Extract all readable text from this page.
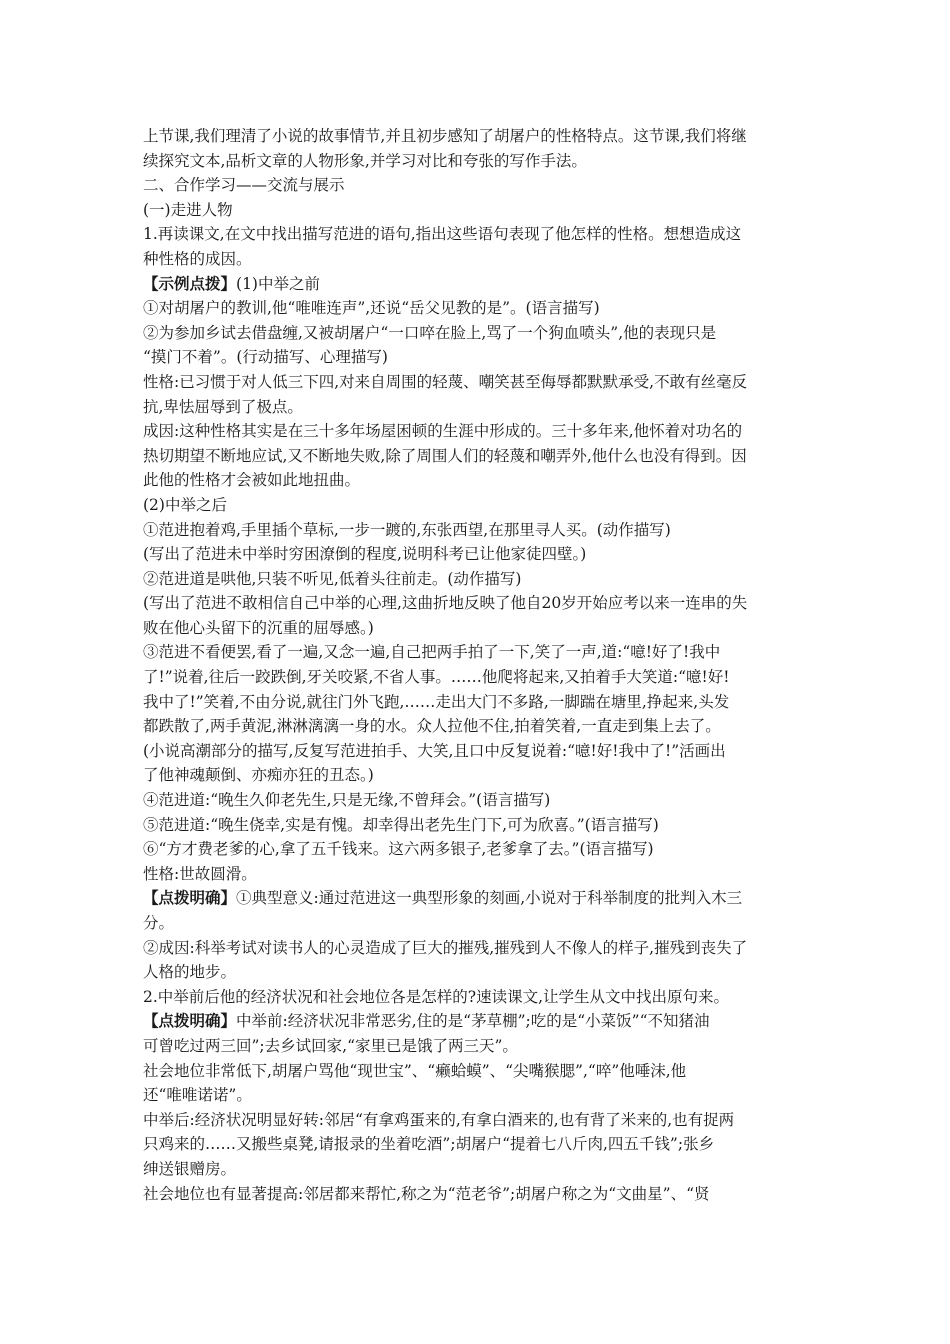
上节课,我们理清了小说的故事情节,并且初步感知了胡屠户的性格特点。这节课,我们将继
续探究文本,品析文章的人物形象,并学习对比和夸张的写作手法。
二、合作学习——交流与展示
(一)走进人物
1.再读课文,在文中找出描写范进的语句,指出这些语句表现了他怎样的性格。想想造成这
种性格的成因。
【示例点拨】(1)中举之前
①对胡屠户的教训,他“唯唯连声”,还说“岳父见教的是”。(语言描写)
②为参加乡试去借盘缠,又被胡屠户“一口啐在脸上,骂了一个狗血喷头”,他的表现只是
“摸门不着”。(行动描写、心理描写)
性格:已习惯于对人低三下四,对来自周围的轻蔑、嘲笑甚至侮辱都默默承受,不敢有丝毫反
抗,卑怯屈辱到了极点。
成因:这种性格其实是在三十多年场屋困顿的生涯中形成的。三十多年来,他怀着对功名的
热切期望不断地应试,又不断地失败,除了周围人们的轻蔑和嘲弄外,他什么也没有得到。因
此他的性格才会被如此地扭曲。
(2)中举之后
①范进抱着鸡,手里插个草标,一步一踱的,东张西望,在那里寻人买。(动作描写)
(写出了范进未中举时穷困潦倒的程度,说明科考已让他家徒四壁。)
②范进道是哄他,只装不听见,低着头往前走。(动作描写)
(写出了范进不敢相信自己中举的心理,这曲折地反映了他自20岁开始应考以来一连串的失
败在他心头留下的沉重的屈辱感。)
③范进不看便罢,看了一遍,又念一遍,自己把两手拍了一下,笑了一声,道:“噫!好了!我中
了!”说着,往后一跤跌倒,牙关咬紧,不省人事。……他爬将起来,又拍着手大笑道:“噫!好!
我中了!”笑着,不由分说,就往门外飞跑,……走出大门不多路,一脚踹在塘里,挣起来,头发
都跌散了,两手黄泥,淋淋漓漓一身的水。众人拉他不住,拍着笑着,一直走到集上去了。
(小说高潮部分的描写,反复写范进拍手、大笑,且口中反复说着:“噫!好!我中了!”活画出
了他神魂颠倒、亦痴亦狂的丑态。)
④范进道:“晚生久仰老先生,只是无缘,不曾拜会。”(语言描写)
⑤范进道:“晚生侥幸,实是有愧。却幸得出老先生门下,可为欣喜。”(语言描写)
⑥“方才费老爹的心,拿了五千钱来。这六两多银子,老爹拿了去。”(语言描写)
性格:世故圆滑。
【点拨明确】①典型意义:通过范进这一典型形象的刻画,小说对于科举制度的批判入木三
分。
②成因:科举考试对读书人的心灵造成了巨大的摧残,摧残到人不像人的样子,摧残到丧失了
人格的地步。
2.中举前后他的经济状况和社会地位各是怎样的?速读课文,让学生从文中找出原句来。
【点拨明确】中举前:经济状况非常恶劣,住的是“茅草棚”;吃的是“小菜饭”“不知猪油
可曾吃过两三回”;去乡试回家,“家里已是饿了两三天”。
社会地位非常低下,胡屠户骂他“现世宝”、“癞蛤蟆”、“尖嘴猴腮”,“啐”他唾沫,他
还“唯唯诺诺”。
中举后:经济状况明显好转:邻居“有拿鸡蛋来的,有拿白酒来的,也有背了米来的,也有捉两
只鸡来的……又搬些桌凳,请报录的坐着吃酒”;胡屠户“提着七八斤肉,四五千钱”;张乡
绅送银赠房。
社会地位也有显著提高:邻居都来帮忙,称之为“范老爷”;胡屠户称之为“文曲星”、“贤
